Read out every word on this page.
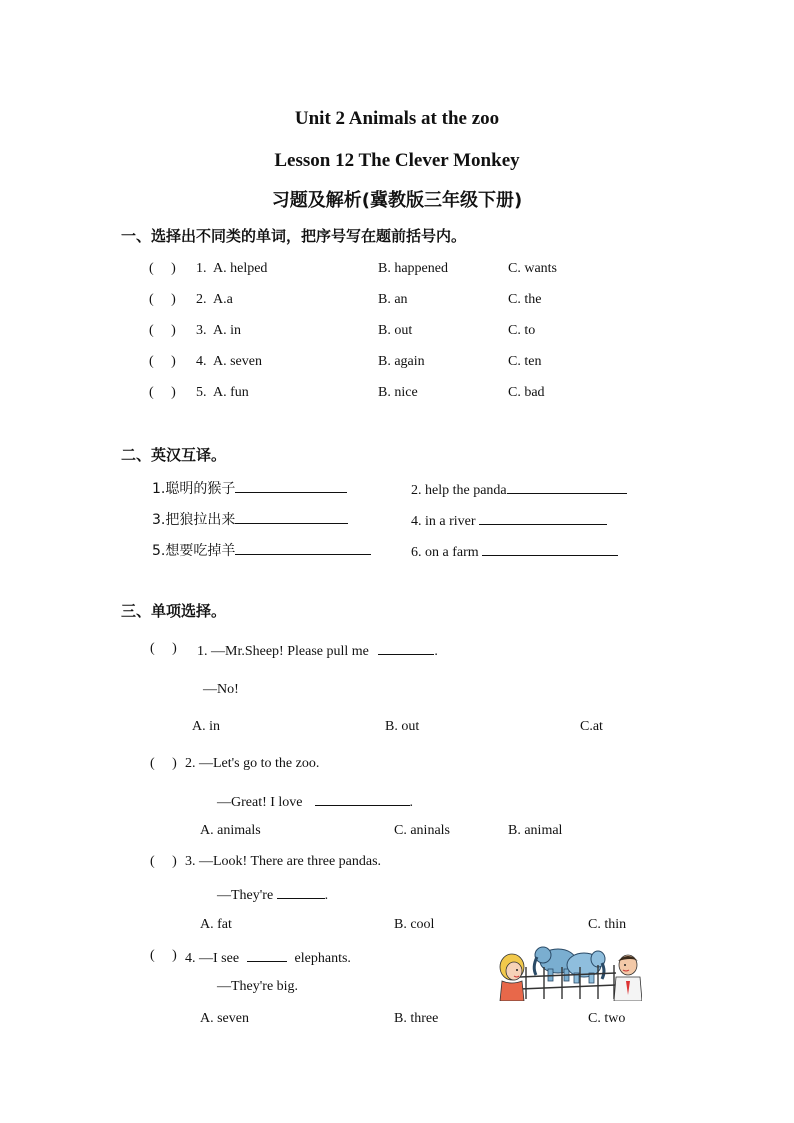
Unit 2 Animals at the zoo
Lesson 12 The Clever Monkey
习题及解析(冀教版三年级下册)
一、选择出不同类的单词，把序号写在题前括号内。
(     ) 1. A. helped	B. happened	C. wants
(     ) 2. A.a	B. an	C. the
(     ) 3. A. in	B. out	C. to
(     ) 4. A. seven	B. again	C. ten
(     ) 5. A. fun	B. nice	C. bad
二、英汉互译。
1.聪明的猴子	2. help the panda
3.把狼拉出来	4. in a river
5.想要吃掉羊	6. on a farm
三、单项选择。
(     ) 1. —Mr.Sheep! Please pull me	.
—No!
A. in	B. out	C.at
(     ) 2. —Let's go to the zoo.
—Great! I love	.
A. animals	C. aninals	B. animal
(     ) 3. —Look! There are three pandas.
—They're	.
A. fat	B. cool	C. thin
(     ) 4. —I see	elephants.
—They're big.
A. seven	B. three	C. two
